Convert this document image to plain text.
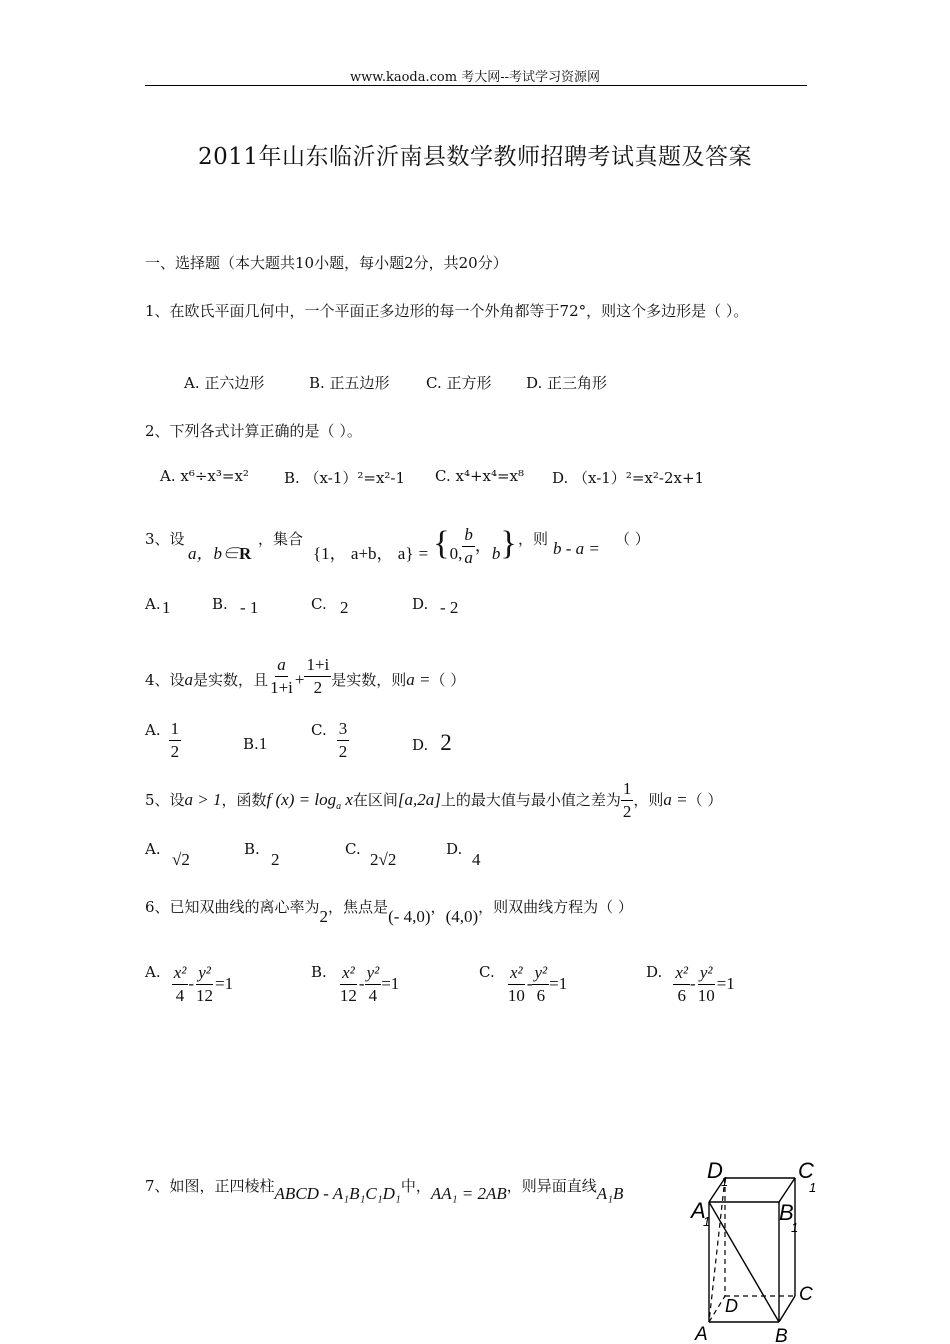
www.kaoda.com 考大网--考试学习资源网
2011年山东临沂沂南县数学教师招聘考试真题及答案
一、选择题（本大题共10小题，每小题2分，共20分）
1、在欧氏平面几何中，一个平面正多边形的每一个外角都等于72°，则这个多边形是（ ）。
A. 正六边形	B. 正五边形 C. 正方形 D. 正三角形
2、下列各式计算正确的是（ ）。
A. x⁶÷x³=x² B. （x-1）²=x²-1 C. x⁴+x⁴=x⁸ D. （x-1）²=x²-2x+1
3、设
a，b∈R
，集合
{1， a+b， a} = {0, $\frac{b}{a}$ ，b} ，则 b - a = （ ）
A. 1	B. - 1	C. 2	D. - 2
4、设a是实数，且 $\frac{a}{1+i} + \frac{1+i}{2}$ 是实数，则a =（ ）
A. $\frac{1}{2}$	B.1
C. $\frac{3}{2}$	D. 2
5、设a > 1，函数f $(x) = \log_a x$在区间[a,2a]上的最大值与最小值之差为 $\frac{1}{2}$ ，则a =（ ）
A.
√2
B.
2
C.
2√2
D.
4
6、已知双曲线的离心率为2，焦点是(- 4,0)，(4,0)，则双曲线方程为（ ）
A. $\frac{\text{x²}}{4} - \frac{\text{y²}}{12} =1$
B. $\frac{\text{x²}}{12} - \frac{\text{y²}}{4} =1$
C. $\frac{\text{x²}}{10} - \frac{\text{y²}}{6} =1$
D. $\frac{\text{x²}}{6} - \frac{\text{y²}}{10} =1$
7、如图，正四棱柱ABCD - A₁B₁C₁D₁中，AA₁ = 2AB，则异面直线A₁B
D
1	C
1
A
1	B
1
C
D
A	B
